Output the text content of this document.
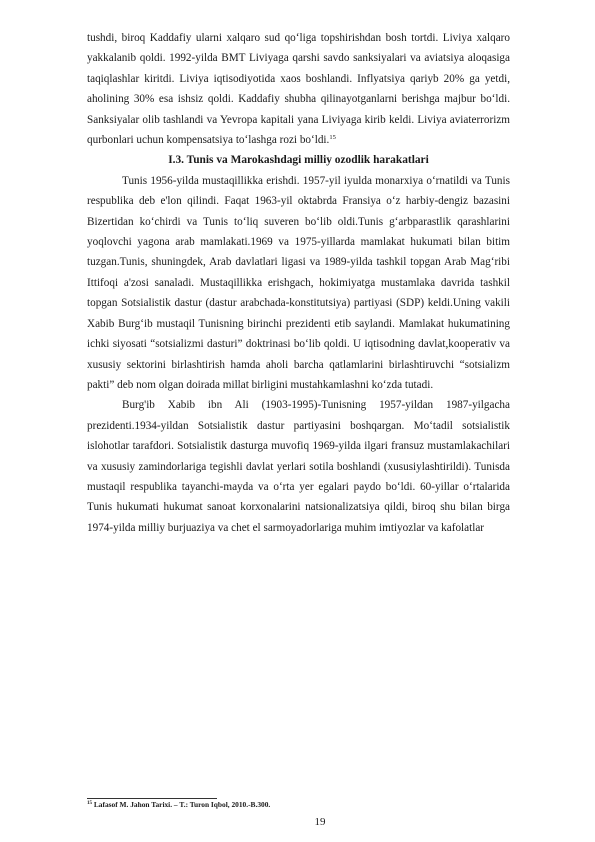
tushdi, biroq Kaddafiy ularni xalqaro sud qo‘liga topshirishdan bosh tortdi. Liviya xalqaro yakkalanib qoldi. 1992-yilda BMT Liviyaga qarshi savdo sanksiyalari va aviatsiya aloqasiga taqiqlashlar kiritdi. Liviya iqtisodiyotida xaos boshlandi. Inflyatsiya qariyb 20% ga yetdi, aholining 30% esa ishsiz qoldi. Kaddafiy shubha qilinayotganlarni berishga majbur bo‘ldi. Sanksiyalar olib tashlandi va Yevropa kapitali yana Liviyaga kirib keldi. Liviya aviaterrorizm qurbonlari uchun kompensatsiya to‘lashga rozi bo‘ldi.$^{15}$

I.3. Tunis va Marokashdagi milliy ozodlik harakatlari

Tunis 1956-yilda mustaqillikka erishdi. 1957-yil iyulda monarxiya o‘rnatildi va Tunis respublika deb e'lon qilindi. Faqat 1963-yil oktabrda Fransiya o‘z harbiy-dengiz bazasini Bizertidan ko‘chirdi va Tunis to‘liq suveren bo‘lib oldi.Tunis g‘arbparastlik qarashlarini yoqlovchi yagona arab mamlakati.1969 va 1975-yillarda mamlakat hukumati bilan bitim tuzgan.Tunis, shuningdek, Arab davlatlari ligasi va 1989-yilda tashkil topgan Arab Mag‘ribi Ittifoqi a'zosi sanaladi. Mustaqillikka erishgach, hokimiyatga mustamlaka davrida tashkil topgan Sotsialistik dastur (dastur arabchada-konstitutsiya) partiyasi (SDP) keldi.Uning vakili Xabib Burg‘ib mustaqil Tunisning birinchi prezidenti etib saylandi. Mamlakat hukumatining ichki siyosati “sotsializmi dasturi” doktrinasi bo‘lib qoldi. U iqtisodning davlat,kooperativ va xususiy sektorini birlashtirish hamda aholi barcha qatlamlarini birlashtiruvchi “sotsializm pakti” deb nom olgan doirada millat birligini mustahkamlashni ko‘zda tutadi.

Burg'ib Xabib ibn Ali (1903-1995)-Tunisning 1957-yildan 1987-yilgacha prezidenti.1934-yildan Sotsialistik dastur partiyasini boshqargan. Mo‘tadil sotsialistik islohotlar tarafdori. Sotsialistik dasturga muvofiq 1969-yilda ilgari fransuz mustamlakachilari va xususiy zamindorlariga tegishli davlat yerlari sotila boshlandi (xususiylashtirildi). Tunisda mustaqil respublika tayanchi-mayda va o‘rta yer egalari paydo bo‘ldi. 60-yillar o‘rtalarida Tunis hukumati hukumat sanoat korxonalarini natsionalizatsiya qildi, biroq shu bilan birga 1974-yilda milliy burjuaziya va chet el sarmoyadorlariga muhim imtiyozlar va kafolatlar

$^{15}$ Lafasof M. Jahon Tarixi. – T.: Turon Iqbol, 2010.-B.300.
19
